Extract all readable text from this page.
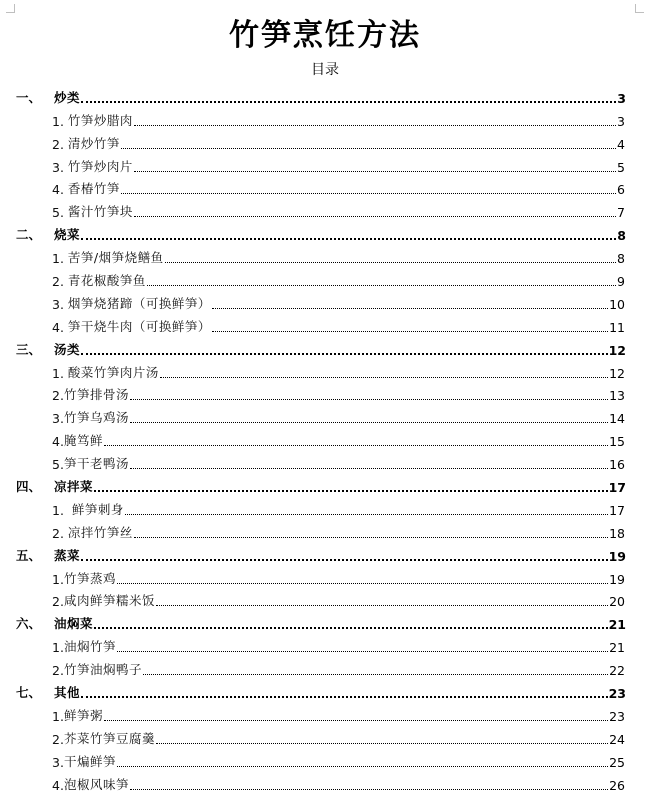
竹笋烹饪方法
目录
一、	炒类	3
1. 竹笋炒腊肉	3
2. 清炒竹笋	4
3. 竹笋炒肉片	5
4. 香椿竹笋	6
5. 酱汁竹笋块	7
二、	烧菜	8
1. 苦笋/烟笋烧鳝鱼	8
2. 青花椒酸笋鱼	9
3. 烟笋烧猪蹄（可换鲜笋）	10
4. 笋干烧牛肉（可换鲜笋）	11
三、	汤类	12
1. 酸菜竹笋肉片汤	12
2. 竹笋排骨汤	13
3. 竹笋乌鸡汤	14
4. 腌笃鲜	15
5. 笋干老鸭汤	16
四、	凉拌菜	17
1. 鲜笋刺身	17
2. 凉拌竹笋丝	18
五、	蒸菜	19
1. 竹笋蒸鸡	19
2. 咸肉鲜笋糯米饭	20
六、	油焖菜	21
1. 油焖竹笋	21
2. 竹笋油焖鸭子	22
七、	其他	23
1. 鲜笋粥	23
2. 芥菜竹笋豆腐羹	24
3. 干煸鲜笋	25
4. 泡椒风味笋	26
